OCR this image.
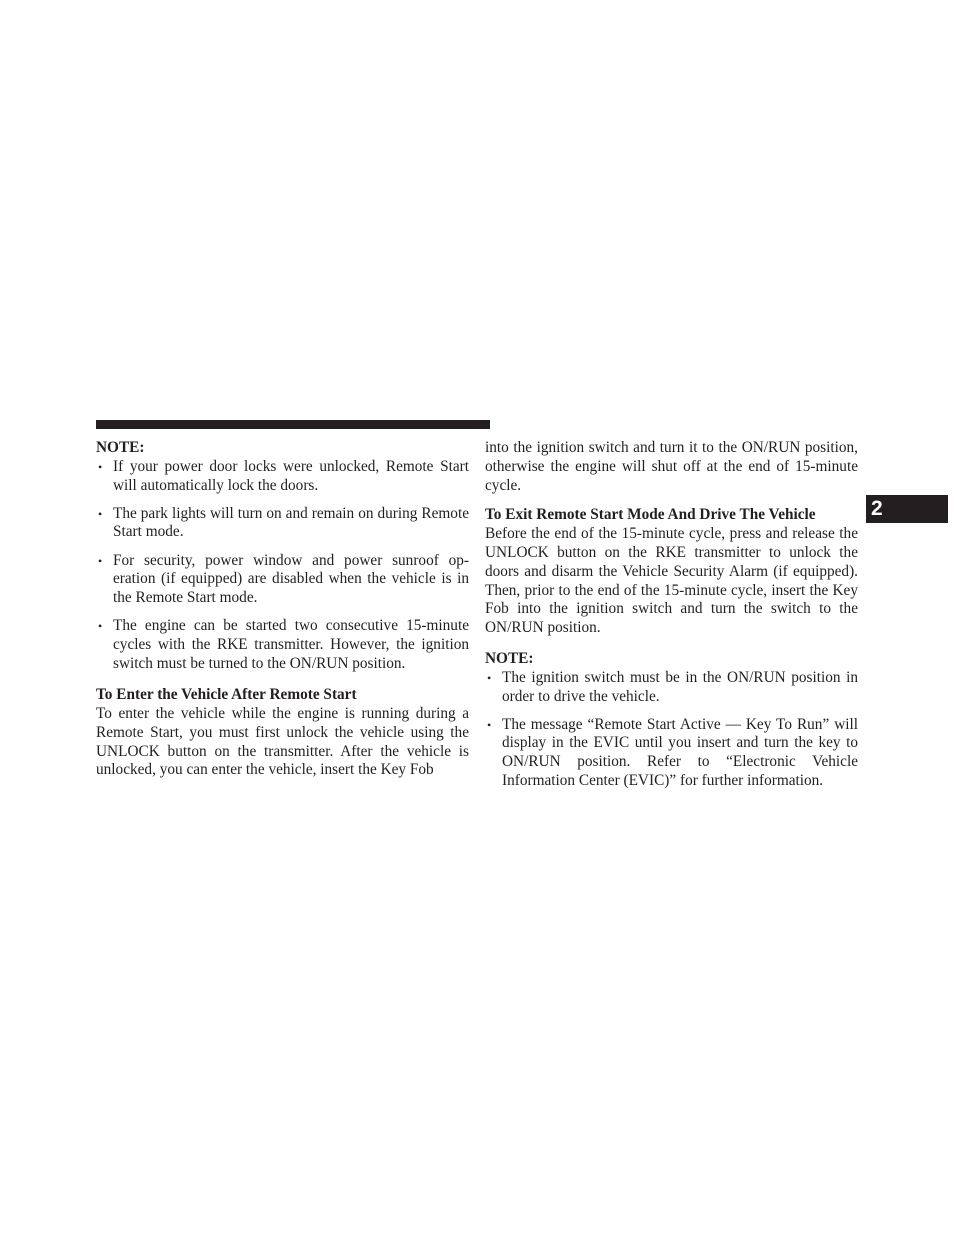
2

NOTE:

• If your power door locks were unlocked, Remote Start will automatically lock the doors.
• The park lights will turn on and remain on during Remote Start mode.
• For security, power window and power sunroof op-eration (if equipped) are disabled when the vehicle is in the Remote Start mode.
• The engine can be started two consecutive 15-minute cycles with the RKE transmitter. However, the ignition switch must be turned to the ON/RUN position.

To Enter the Vehicle After Remote Start

To enter the vehicle while the engine is running during a Remote Start, you must first unlock the vehicle using the UNLOCK button on the transmitter. After the vehicle is unlocked, you can enter the vehicle, insert the Key Fob

into the ignition switch and turn it to the ON/RUN position, otherwise the engine will shut off at the end of 15-minute cycle.

To Exit Remote Start Mode And Drive The Vehicle

Before the end of the 15-minute cycle, press and release the UNLOCK button on the RKE transmitter to unlock the doors and disarm the Vehicle Security Alarm (if equipped). Then, prior to the end of the 15-minute cycle, insert the Key Fob into the ignition switch and turn the switch to the ON/RUN position.

NOTE:

• The ignition switch must be in the ON/RUN position in order to drive the vehicle.
• The message “Remote Start Active — Key To Run” will display in the EVIC until you insert and turn the key to ON/RUN position. Refer to “Electronic Vehicle Information Center (EVIC)” for further information.
